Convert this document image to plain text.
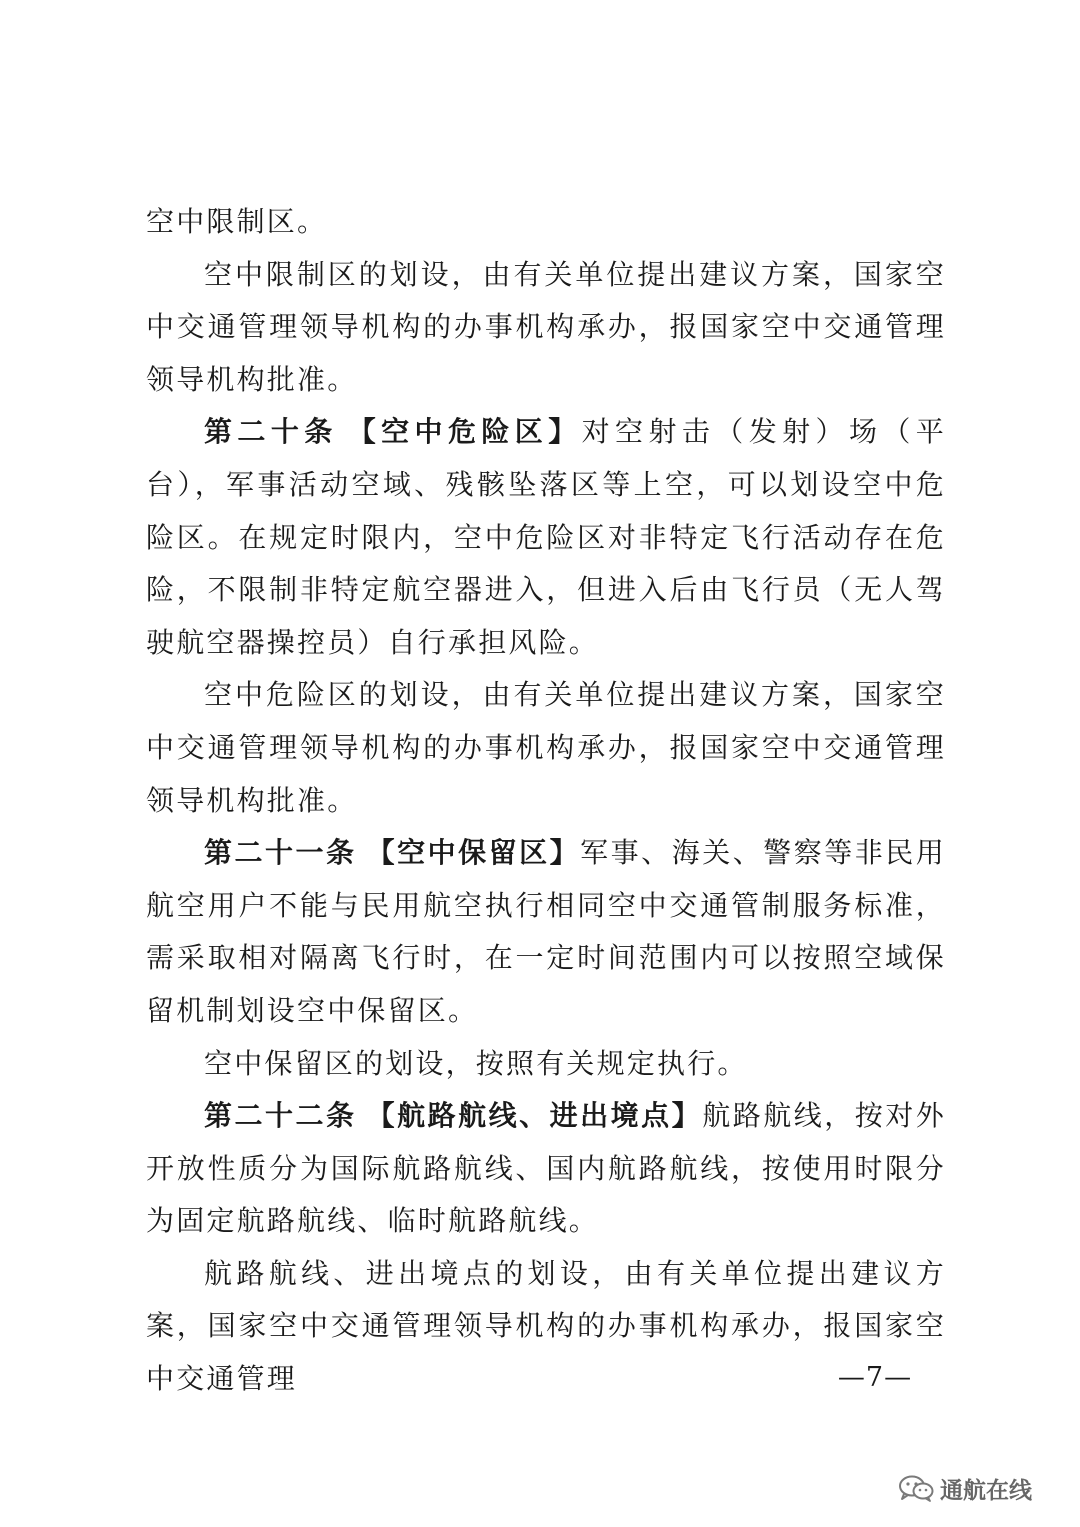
空中限制区。

空中限制区的划设，由有关单位提出建议方案，国家空中交通管理领导机构的办事机构承办，报国家空中交通管理领导机构批准。

第二十条 【空中危险区】对空射击（发射）场（平台），军事活动空域、残骸坠落区等上空，可以划设空中危险区。在规定时限内，空中危险区对非特定飞行活动存在危险，不限制非特定航空器进入，但进入后由飞行员（无人驾驶航空器操控员）自行承担风险。

空中危险区的划设，由有关单位提出建议方案，国家空中交通管理领导机构的办事机构承办，报国家空中交通管理领导机构批准。

第二十一条 【空中保留区】军事、海关、警察等非民用航空用户不能与民用航空执行相同空中交通管制服务标准，需采取相对隔离飞行时，在一定时间范围内可以按照空域保留机制划设空中保留区。

空中保留区的划设，按照有关规定执行。

第二十二条 【航路航线、进出境点】航路航线，按对外开放性质分为国际航路航线、国内航路航线，按使用时限分为固定航路航线、临时航路航线。

航路航线、进出境点的划设，由有关单位提出建议方案，国家空中交通管理领导机构的办事机构承办，报国家空中交通管理	—7—
通航在线
